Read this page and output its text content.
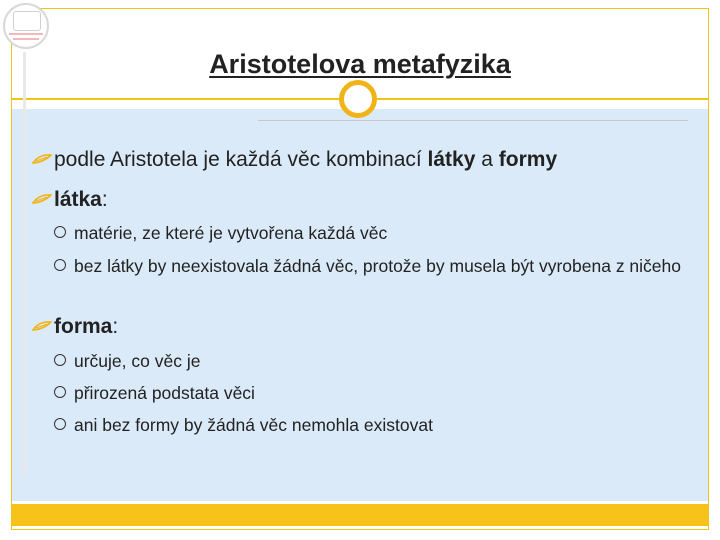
Aristotelova metafyzika
podle Aristotela je každá věc kombinací látky a formy
látka:
matérie, ze které je vytvořena každá věc
bez látky by neexistovala žádná věc, protože by musela být vyrobena z ničeho
forma:
určuje, co věc je
přirozená podstata věci
ani bez formy by žádná věc nemohla existovat
